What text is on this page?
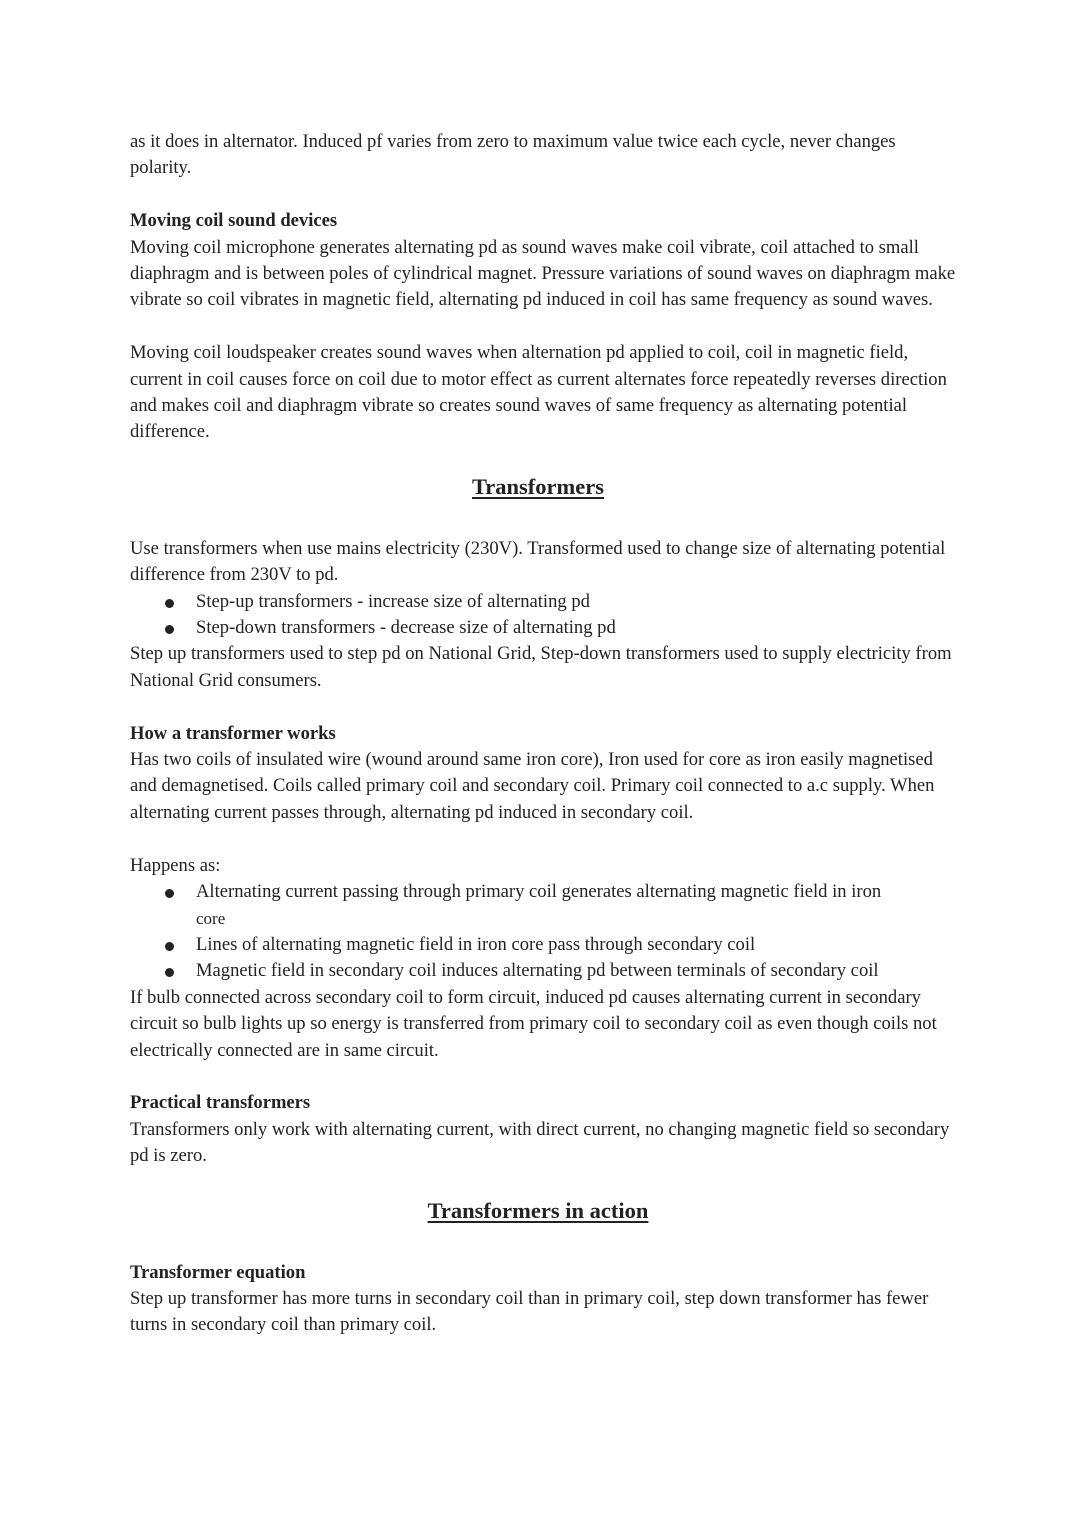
as it does in alternator. Induced pf varies from zero to maximum value twice each cycle, never changes polarity.

Moving coil sound devices

Moving coil microphone generates alternating pd as sound waves make coil vibrate, coil attached to small diaphragm and is between poles of cylindrical magnet. Pressure variations of sound waves on diaphragm make vibrate so coil vibrates in magnetic field, alternating pd induced in coil has same frequency as sound waves.

Moving coil loudspeaker creates sound waves when alternation pd applied to coil, coil in magnetic field, current in coil causes force on coil due to motor effect as current alternates force repeatedly reverses direction and makes coil and diaphragm vibrate so creates sound waves of same frequency as alternating potential difference.

Transformers

Use transformers when use mains electricity (230V). Transformed used to change size of alternating potential difference from 230V to pd.

Step-up transformers - increase size of alternating pd
Step-down transformers - decrease size of alternating pd

Step up transformers used to step pd on National Grid, Step-down transformers used to supply electricity from National Grid consumers.

How a transformer works

Has two coils of insulated wire (wound around same iron core), Iron used for core as iron easily magnetised and demagnetised. Coils called primary coil and secondary coil. Primary coil connected to a.c supply. When alternating current passes through, alternating pd induced in secondary coil.

Happens as:

Alternating current passing through primary coil generates alternating magnetic field in iron
core
Lines of alternating magnetic field in iron core pass through secondary coil
Magnetic field in secondary coil induces alternating pd between terminals of secondary coil

If bulb connected across secondary coil to form circuit, induced pd causes alternating current in secondary circuit so bulb lights up so energy is transferred from primary coil to secondary coil as even though coils not electrically connected are in same circuit.

Practical transformers

Transformers only work with alternating current, with direct current, no changing magnetic field so secondary pd is zero.

Transformers in action

Transformer equation

Step up transformer has more turns in secondary coil than in primary coil, step down transformer has fewer turns in secondary coil than primary coil.
